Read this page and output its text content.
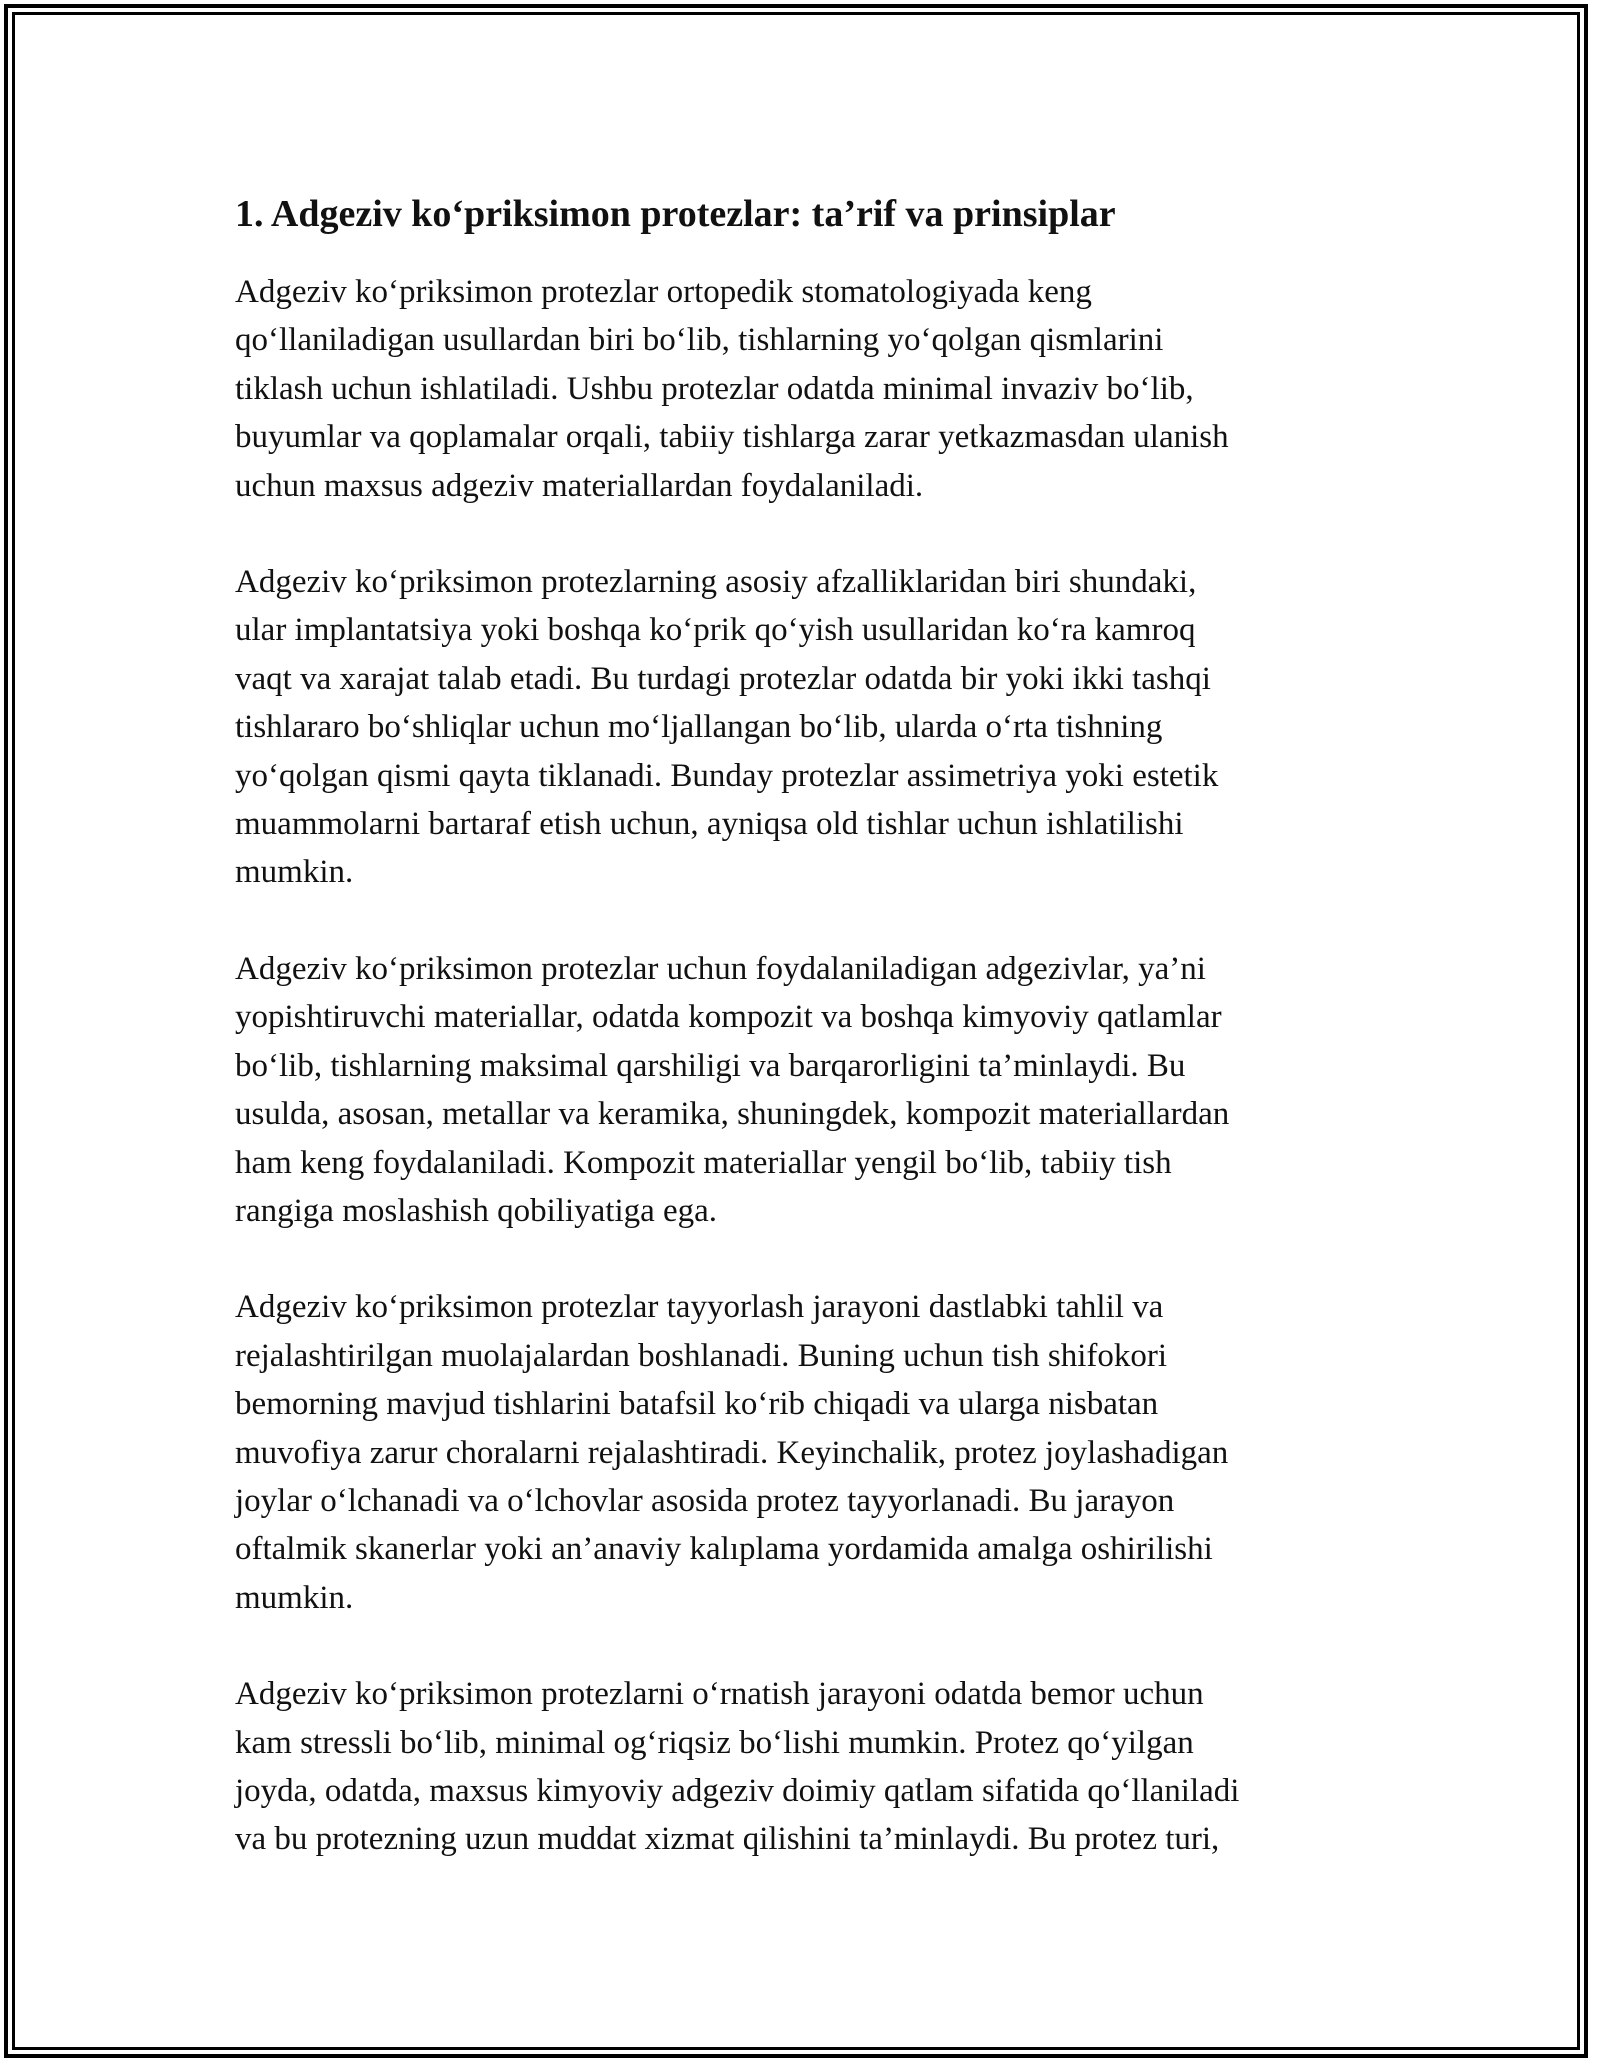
1. Adgeziv koʻpriksimon protezlar: ta’rif va prinsiplar
Adgeziv koʻpriksimon protezlar ortopedik stomatologiyada keng
qoʻllaniladigan usullardan biri boʻlib, tishlarning yoʻqolgan qismlarini
tiklash uchun ishlatiladi. Ushbu protezlar odatda minimal invaziv boʻlib,
buyumlar va qoplamalar orqali, tabiiy tishlarga zarar yetkazmasdan ulanish
uchun maxsus adgeziv materiallardan foydalaniladi.
Adgeziv koʻpriksimon protezlarning asosiy afzalliklaridan biri shundaki,
ular implantatsiya yoki boshqa koʻprik qoʻyish usullaridan koʻra kamroq
vaqt va xarajat talab etadi. Bu turdagi protezlar odatda bir yoki ikki tashqi
tishlararo boʻshliqlar uchun moʻljallangan boʻlib, ularda oʻrta tishning
yoʻqolgan qismi qayta tiklanadi. Bunday protezlar assimetriya yoki estetik
muammolarni bartaraf etish uchun, ayniqsa old tishlar uchun ishlatilishi
mumkin.
Adgeziv koʻpriksimon protezlar uchun foydalaniladigan adgezivlar, ya’ni
yopishtiruvchi materiallar, odatda kompozit va boshqa kimyoviy qatlamlar
boʻlib, tishlarning maksimal qarshiligi va barqarorligini ta’minlaydi. Bu
usulda, asosan, metallar va keramika, shuningdek, kompozit materiallardan
ham keng foydalaniladi. Kompozit materiallar yengil boʻlib, tabiiy tish
rangiga moslashish qobiliyatiga ega.
Adgeziv koʻpriksimon protezlar tayyorlash jarayoni dastlabki tahlil va
rejalashtirilgan muolajalardan boshlanadi. Buning uchun tish shifokori
bemorning mavjud tishlarini batafsil koʻrib chiqadi va ularga nisbatan
muvofiya zarur choralarni rejalashtiradi. Keyinchalik, protez joylashadigan
joylar oʻlchanadi va oʻlchovlar asosida protez tayyorlanadi. Bu jarayon
oftalmik skanerlar yoki an’anaviy kalıplama yordamida amalga oshirilishi
mumkin.
Adgeziv koʻpriksimon protezlarni oʻrnatish jarayoni odatda bemor uchun
kam stressli boʻlib, minimal ogʻriqsiz boʻlishi mumkin. Protez qoʻyilgan
joyda, odatda, maxsus kimyoviy adgeziv doimiy qatlam sifatida qoʻllaniladi
va bu protezning uzun muddat xizmat qilishini ta’minlaydi. Bu protez turi,
